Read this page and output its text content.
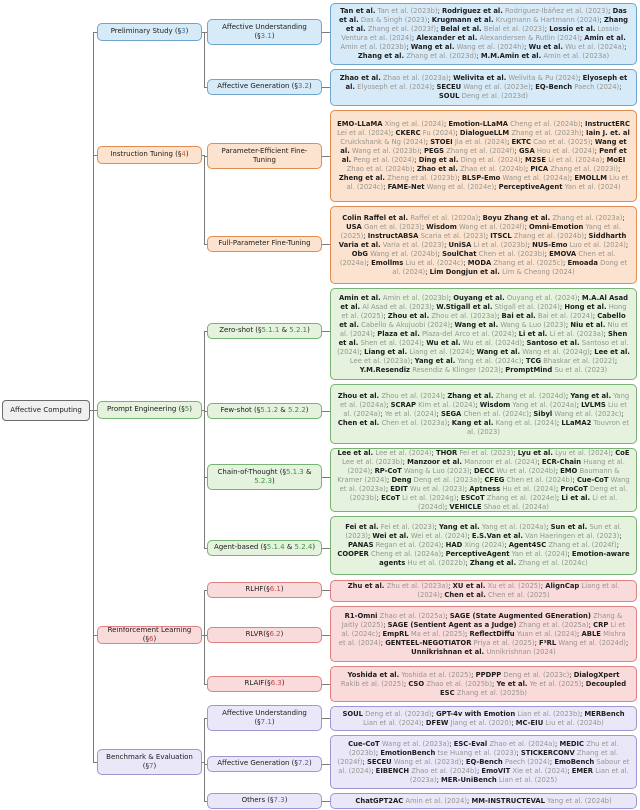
Affective Computing
Preliminary Study (§3)
Instruction Tuning (§4)
Prompt Engineering (§5)
Reinforcement Learning (§6)
Benchmark & Evaluation (§7)
Affective Understanding (§3.1)
Affective Generation (§3.2)
Parameter-Efficient Fine-Tuning
Full-Parameter Fine-Tuning
Zero-shot (§5.1.1 & 5.2.1)
Few-shot (§5.1.2 & 5.2.2)
Chain-of-Thought (§5.1.3 & 5.2.3)
Agent-based (§5.1.4 & 5.2.4)
RLHF(§6.1)
RLVR(§6.2)
RLAIF(§6.3)
Affective Understanding (§7.1)
Affective Generation (§7.2)
Others (§7.3)
Tan et al. Tan et al. (2023b); Rodriguez et al. Rodriguez-Ibáñez et al. (2023); Das et al. Das & Singh (2023); Krugmann et al. Krugmann & Hartmann (2024); Zhang et al. Zhang et al. (2023f); Belal et al. Belal et al. (2023); Lossio et al. Lossio-Ventura et al. (2024); Alexander et al. Alexandersen & Rutlin (2024); Amin et al. Amin et al. (2023b); Wang et al. Wang et al. (2024h); Wu et al. Wu et al. (2024a); Zhang et al. Zhang et al. (2023d); M.M.Amin et al. Amin et al. (2023a)
Zhao et al. Zhao et al. (2023a); Welivita et al. Welivita & Pu (2024); Elyoseph et al. Elyoseph et al. (2024); SECEU Wang et al. (2023e); EQ-Bench Paech (2024); SOUL Deng et al. (2023d)
EMO-LLaMA Xing et al. (2024); Emotion-LLaMA Cheng et al. (2024b); InstructERC Lei et al. (2024); CKERC Fu (2024); DialogueLLM Zhang et al. (2023h); Iain J. et. al Cruickshank & Ng (2024); STOEI Jia et al. (2024); EKTC Cao et al. (2025); Wang et al. Wang et al. (2023b); PEGS Zhang et al. (2024f); GSA Hou et al. (2024); Penf et al. Peng et al. (2024); Ding et al. Ding et al. (2024); M2SE Li et al. (2024a); MoEI Zhao et al. (2024b); Zhao et al. Zhao et al. (2024b); PICA Zhang et al. (2023i); Zheng et al. Zheng et al. (2023b); BLSP-Emo Wang et al. (2024a); EMOLLM Liu et al. (2024c); FAME-Net Wang et al. (2024e); PerceptiveAgent Yan et al. (2024)
Colin Raffel et al. Raffel et al. (2020a); Boyu Zhang et al. Zhang et al. (2023a); USA Gan et al. (2023); Wisdom Wang et al. (2024f); Omni-Emotion Yang et al. (2025); InstructABSA Scaria et al. (2023); ITSCL Zhang et al. (2024b); Siddharth Varia et al. Varia et al. (2023); UniSA Li et al. (2023b); NUS-Emo Luo et al. (2024); ObG Wang et al. (2024b); SoulChat Chen et al. (2023b); EMOVA Chen et al. (2024a); Emollms Liu et al. (2024c); MODA Zhang et al. (2025c); Emoada Dong et al. (2024); Lim Dongjun et al. Lim & Cheong (2024)
Amin et al. Amin et al. (2023b); Ouyang et al. Ouyang et al. (2024); M.A.Al Asad et al. Al Asad et al. (2023); W.Stigall et al. Stigall et al. (2024); Hong et al. Hong et al. (2025); Zhou et al. Zhou et al. (2023a); Bai et al. Bai et al. (2024); Cabello et al. Cabello & Akujuobi (2024); Wang et al. Wang & Luo (2023); Niu et al. Niu et al. (2024); Plaza et al. Plaza-del Arco et al. (2024); Li et al. Li et al. (2023a); Shen et al. Shen et al. (2024); Wu et al. Wu et al. (2024d); Santoso et al. Santoso et al. (2024); Liang et al. Liang et al. (2024); Wang et al. Wang et al. (2024g); Lee et al. Lee et al. (2023a); Yang et al. Yang et al. (2024c); TCG Bhaskar et al. (2022); Y.M.Resendiz Resendiz & Klinger (2023); PromptMind Su et al. (2023)
Zhou et al. Zhou et al. (2024); Zhang et al. Zhang et al. (2024d); Yang et al. Yang et al. (2024a); SCRAP Kim et al. (2024); Wisdom Yang et al. (2024a); LVLMS Liu et al. (2024a); Ye et al. (2024); SEGA Chen et al. (2024c); Sibyl Wang et al. (2023c); Chen et al. Chen et al. (2023a); Kang et al. Kang et al. (2024); LLaMA2 Touvron et al. (2023)
Lee et al. Lee et al. (2024); THOR Fei et al. (2023); Lyu et al. Lyu et al. (2024); CoE Lee et al. (2023b); Manzoor et al. Manzoor et al. (2024); ECR-Chain Huang et al. (2024); RP-CoT Wang & Luo (2023); DECC Wu et al. (2024b); EMO Baumann & Kramer (2024); Deng Deng et al. (2023a); CFEG Chen et al. (2024b); Cue-CoT Wang et al. (2023a); EDIT Wu et al. (2023); Aptness Hu et al. (2024); ProCoT Deng et al. (2023b); ECoT Li et al. (2024g); ESCoT Zhang et al. (2024e); Li et al. Li et al. (2024d); VEHICLE Shao et al. (2024a)
Fei et al. Fei et al. (2023); Yang et al. Yang et al. (2024a); Sun et al. Sun et al. (2023); Wei et al. Wei et al. (2024); E.S.Van et al. Van Haeringen et al. (2023); PANAS Regan et al. (2024); HAD Xing (2024); Agent4SC Zhang et al. (2024f); COOPER Cheng et al. (2024a); PerceptiveAgent Yan et al. (2024); Emotion-aware agents Hu et al. (2022b); Zhang et al. Zhang et al. (2024c)
Zhu et al. Zhu et al. (2023a); XU et al. Xu et al. (2025); AlignCap Liang et al. (2024); Chen et al. Chen et al. (2025)
R1-Omni Zhao et al. (2025a); SAGE (State Augmented GEneration) Zhang & Jaitly (2025); SAGE (Sentient Agent as a Judge) Zhang et al. (2025a); CRP Li et al. (2024c); EmpRL Ma et al. (2025); ReflectDiffu Yuan et al. (2024); ABLE Mishra et al. (2024); GENTEEL-NEGOTIATOR Priya et al. (2025); F²RL Wang et al. (2024d); Unnikrishnan et al. Unnikrishnan (2024)
Yoshida et al. Yoshida et al. (2025); PPDPP Deng et al. (2023c); DialogXpert Rakib et al. (2025); CSO Zhao et al. (2025b); Ye et al. Ye et al. (2025); Decoupled ESC Zhang et al. (2025b)
SOUL Deng et al. (2023d); GPT-4v with Emotion Lian et al. (2023b); MERBench Lian et al. (2024); DFEW Jiang et al. (2020); MC-EIU Liu et al. (2024b)
Cue-CoT Wang et al. (2023a); ESC-Eval Zhao et al. (2024a); MEDIC Zhu et al. (2023b); EmotionBench tse Huang et al. (2023); STICKERCONV Zhang et al. (2024f); SECEU Wang et al. (2023d); EQ-Bench Paech (2024); EmoBench Sabour et al. (2024); EIBENCH Zhao et al. (2024b); EmoVIT Xie et al. (2024); EMER Lian et al. (2023a); MER-UniBench Lian et al. (2025)
ChatGPT2AC Amin et al. (2024); MM-INSTRUCTEVAL Yang et al. (2024b)
